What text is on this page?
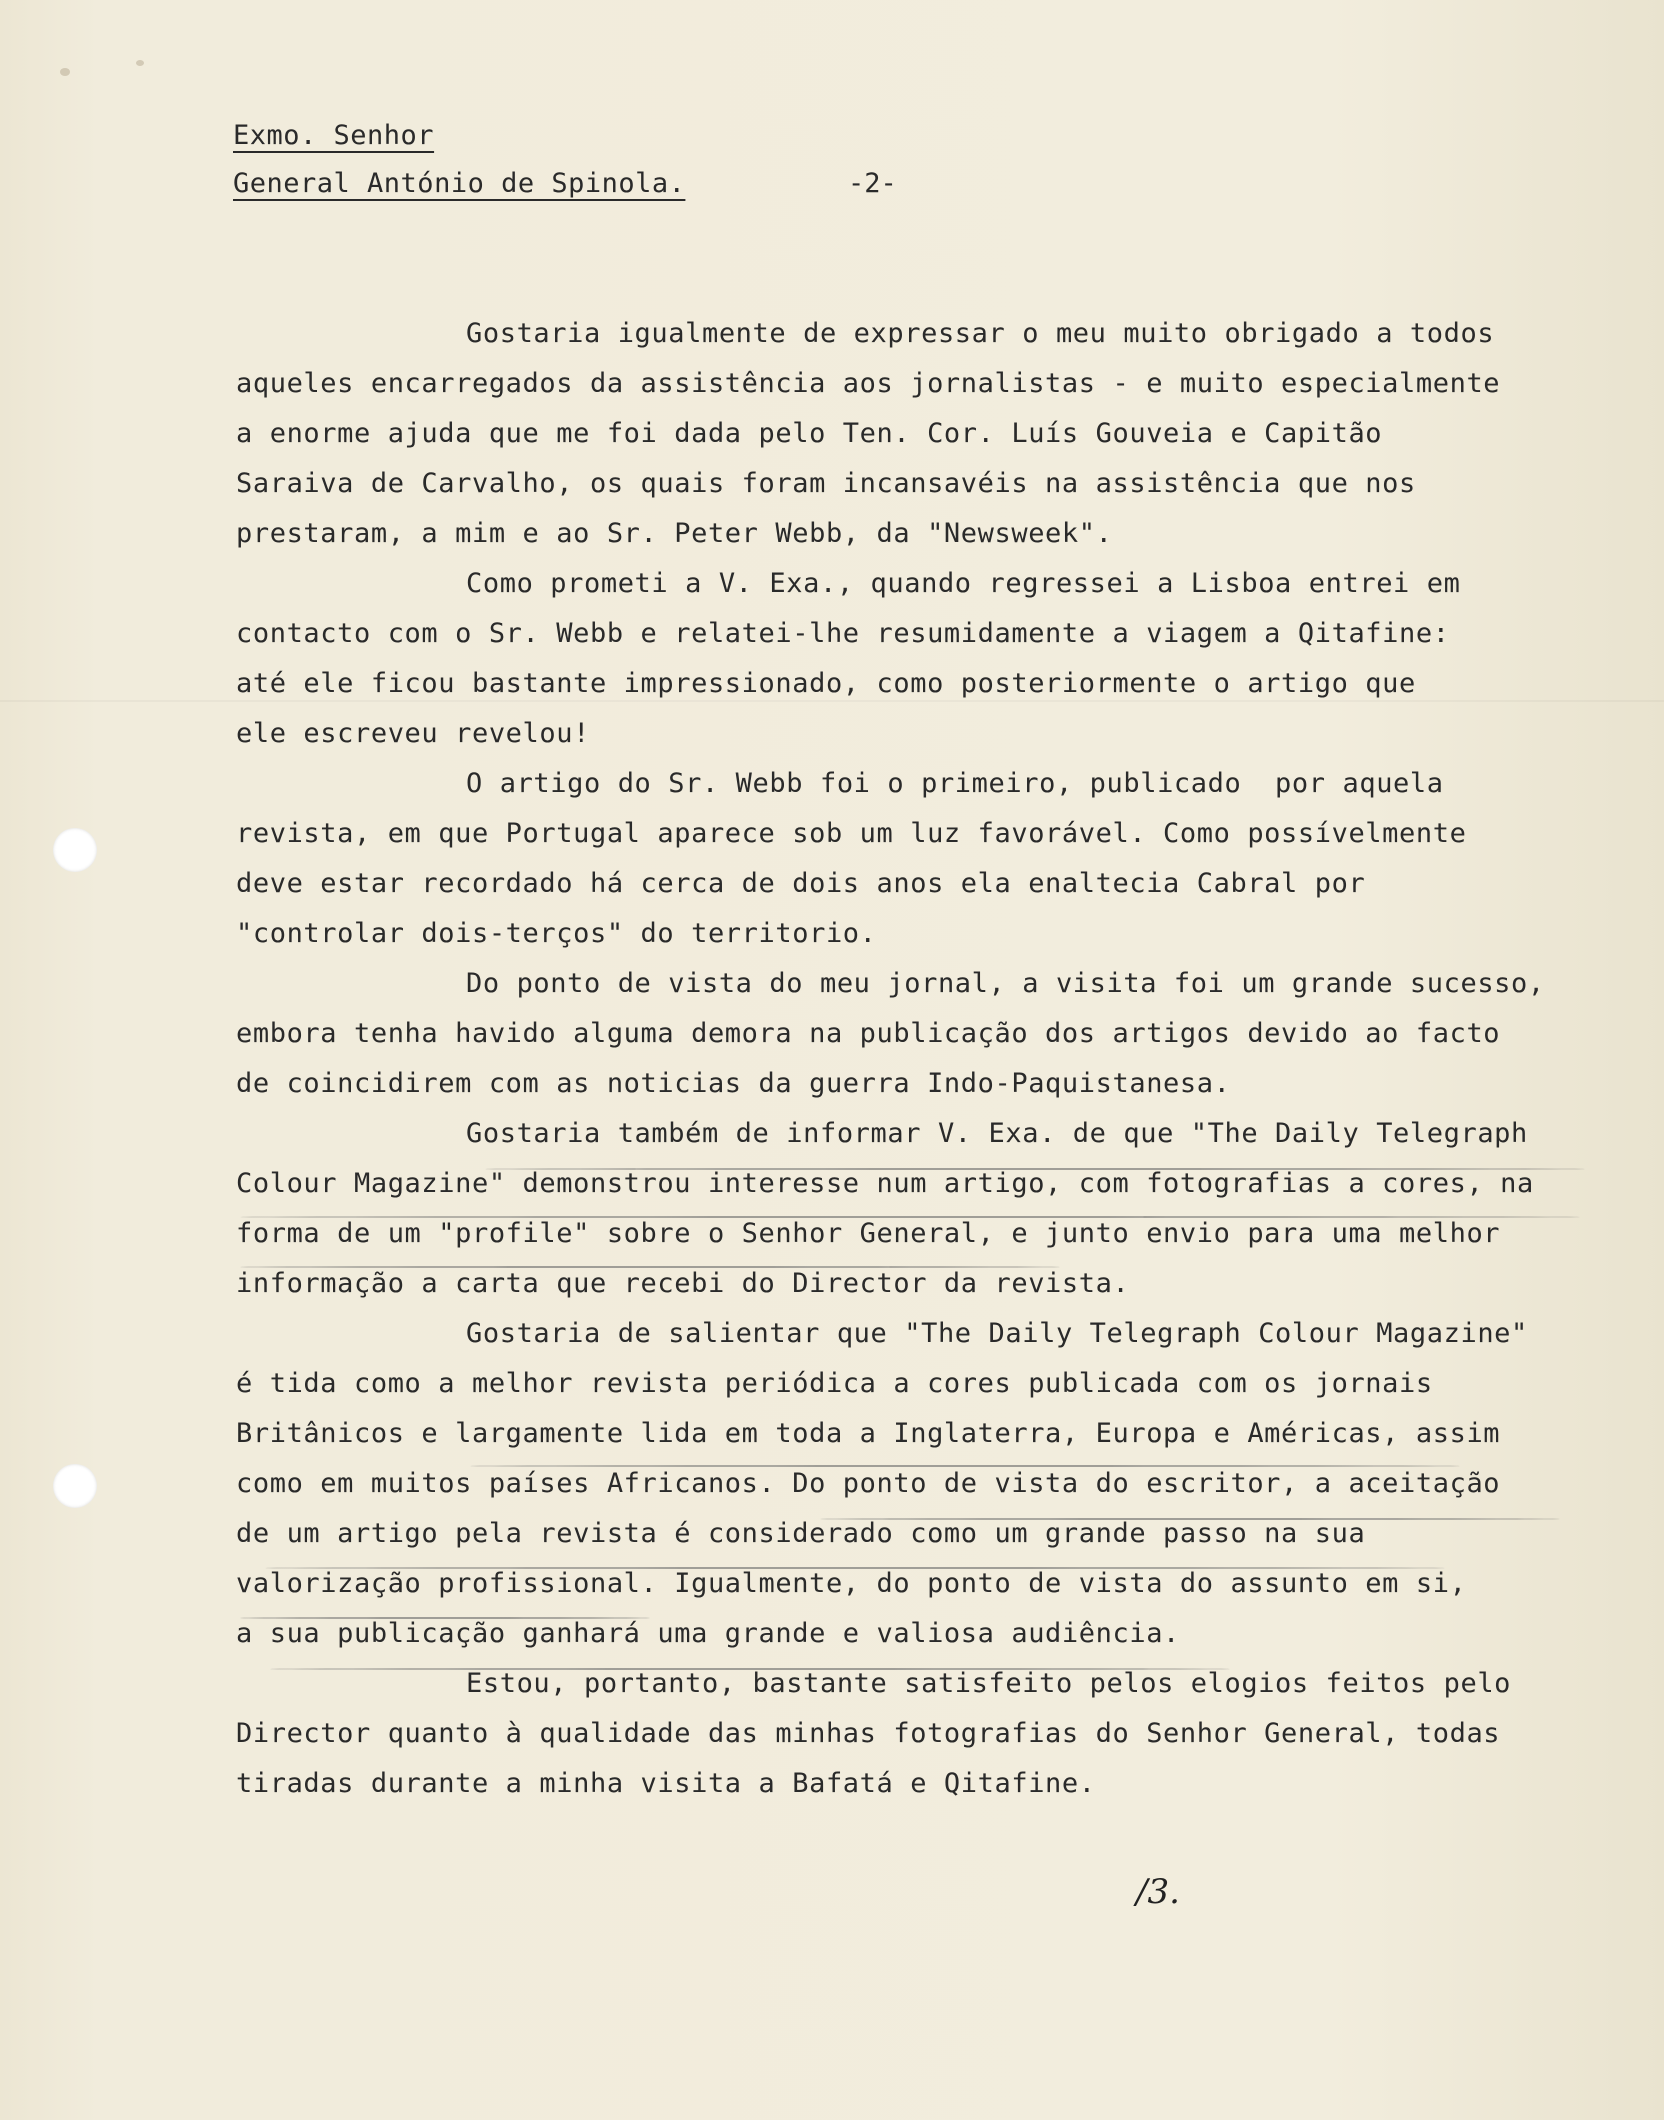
Exmo. Senhor
General António de Spinola.	-2-
Gostaria igualmente de expressar o meu muito obrigado a todos
aqueles encarregados da assistência aos jornalistas - e muito especialmente
a enorme ajuda que me foi dada pelo Ten. Cor. Luís Gouveia e Capitão
Saraiva de Carvalho, os quais foram incansavéis na assistência que nos
prestaram, a mim e ao Sr. Peter Webb, da "Newsweek".
Como prometi a V. Exa., quando regressei a Lisboa entrei em
contacto com o Sr. Webb e relatei-lhe resumidamente a viagem a Qitafine:
até ele ficou bastante impressionado, como posteriormente o artigo que
ele escreveu revelou!
O artigo do Sr. Webb foi o primeiro, publicado  por aquela
revista, em que Portugal aparece sob um luz favorável. Como possívelmente
deve estar recordado há cerca de dois anos ela enaltecia Cabral por
"controlar dois-terços" do territorio.
Do ponto de vista do meu jornal, a visita foi um grande sucesso,
embora tenha havido alguma demora na publicação dos artigos devido ao facto
de coincidirem com as noticias da guerra Indo-Paquistanesa.
Gostaria também de informar V. Exa. de que "The Daily Telegraph
Colour Magazine" demonstrou interesse num artigo, com fotografias a cores, na
forma de um "profile" sobre o Senhor General, e junto envio para uma melhor
informação a carta que recebi do Director da revista.
Gostaria de salientar que "The Daily Telegraph Colour Magazine"
é tida como a melhor revista periódica a cores publicada com os jornais
Britânicos e largamente lida em toda a Inglaterra, Europa e Américas, assim
como em muitos países Africanos. Do ponto de vista do escritor, a aceitação
de um artigo pela revista é considerado como um grande passo na sua
valorização profissional. Igualmente, do ponto de vista do assunto em si,
a sua publicação ganhará uma grande e valiosa audiência.
Estou, portanto, bastante satisfeito pelos elogios feitos pelo
Director quanto à qualidade das minhas fotografias do Senhor General, todas
tiradas durante a minha visita a Bafatá e Qitafine.
/3.
